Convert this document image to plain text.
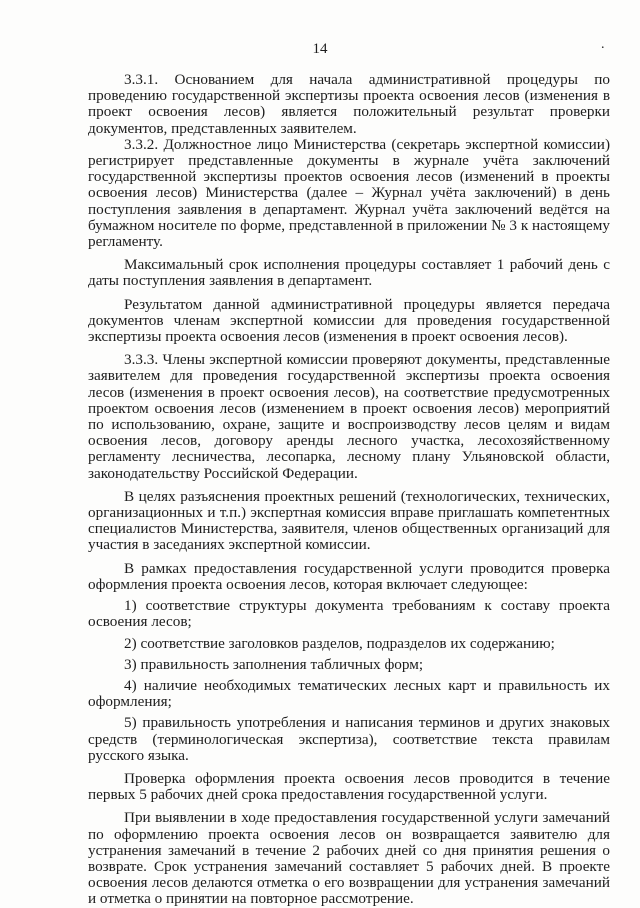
14	.

3.3.1. Основанием для начала административной процедуры по проведению государственной экспертизы проекта освоения лесов (изменения в проект освоения лесов) является положительный результат проверки документов, представленных заявителем.

3.3.2. Должностное лицо Министерства (секретарь экспертной комиссии) регистрирует представленные документы в журнале учёта заключений государственной экспертизы проектов освоения лесов (изменений в проекты освоения лесов) Министерства (далее – Журнал учёта заключений) в день поступления заявления в департамент. Журнал учёта заключений ведётся на бумажном носителе по форме, представленной в приложении № 3 к настоящему регламенту.

Максимальный срок исполнения процедуры составляет 1 рабочий день с даты поступления заявления в департамент.

Результатом данной административной процедуры является передача документов членам экспертной комиссии для проведения государственной экспертизы проекта освоения лесов (изменения в проект освоения лесов).

3.3.3. Члены экспертной комиссии проверяют документы, представленные заявителем для проведения государственной экспертизы проекта освоения лесов (изменения в проект освоения лесов), на соответствие предусмотренных проектом освоения лесов (изменением в проект освоения лесов) мероприятий по использованию, охране, защите и воспроизводству лесов целям и видам освоения лесов, договору аренды лесного участка, лесохозяйственному регламенту лесничества, лесопарка, лесному плану Ульяновской области, законодательству Российской Федерации.

В целях разъяснения проектных решений (технологических, технических, организационных и т.п.) экспертная комиссия вправе приглашать компетентных специалистов Министерства, заявителя, членов общественных организаций для участия в заседаниях экспертной комиссии.

В рамках предоставления государственной услуги проводится проверка оформления проекта освоения лесов, которая включает следующее:

1) соответствие структуры документа требованиям к составу проекта освоения лесов;

2) соответствие заголовков разделов, подразделов их содержанию;

3) правильность заполнения табличных форм;

4) наличие необходимых тематических лесных карт и правильность их оформления;

5) правильность употребления и написания терминов и других знаковых средств (терминологическая экспертиза), соответствие текста правилам русского языка.

Проверка оформления проекта освоения лесов проводится в течение первых 5 рабочих дней срока предоставления государственной услуги.

При выявлении в ходе предоставления государственной услуги замечаний по оформлению проекта освоения лесов он возвращается заявителю для устранения замечаний в течение 2 рабочих дней со дня принятия решения о возврате. Срок устранения замечаний составляет 5 рабочих дней. В проекте освоения лесов делаются отметка о его возвращении для устранения замечаний и отметка о принятии на повторное рассмотрение.
